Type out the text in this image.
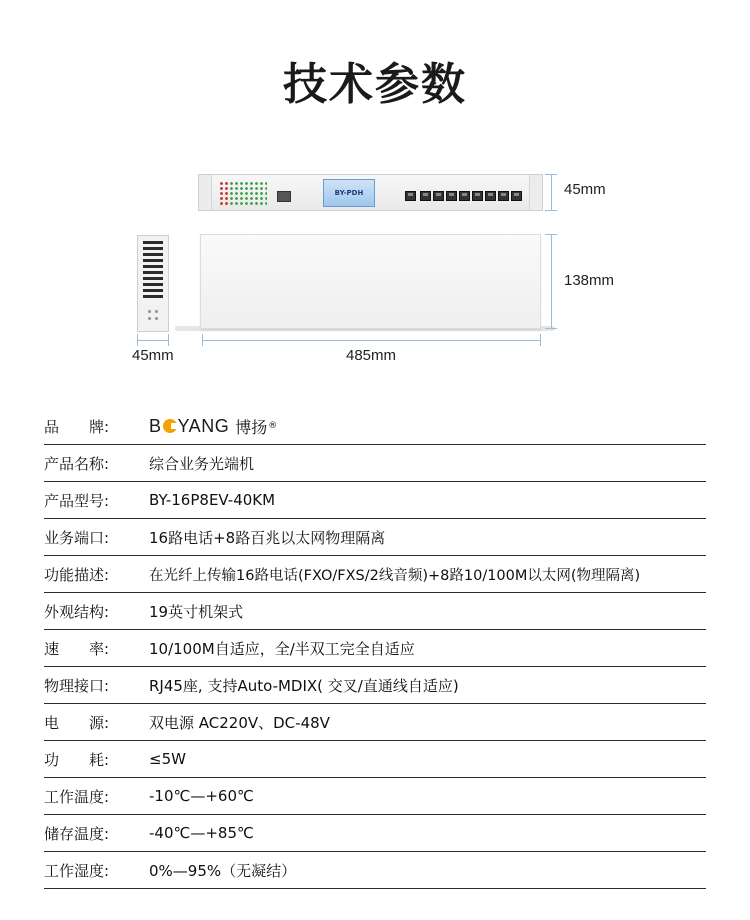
技术参数
BY-PDH	45mm
138mm
45mm	485mm
品　　牌:	B YANG 博扬 ®
产品名称:	综合业务光端机
产品型号:	BY-16P8EV-40KM
业务端口:	16路电话+8路百兆以太网物理隔离
功能描述:	在光纤上传输16路电话(FXO/FXS/2线音频)+8路10/100M以太网(物理隔离)
外观结构:	19英寸机架式
速　　率:	10/100M自适应，全/半双工完全自适应
物理接口:	RJ45座, 支持Auto-MDIX( 交叉/直通线自适应)
电　　源:	双电源 AC220V、DC-48V
功　　耗:	≤5W
工作温度:	-10℃—+60℃
储存温度:	-40℃—+85℃
工作湿度:	0%—95%（无凝结）
